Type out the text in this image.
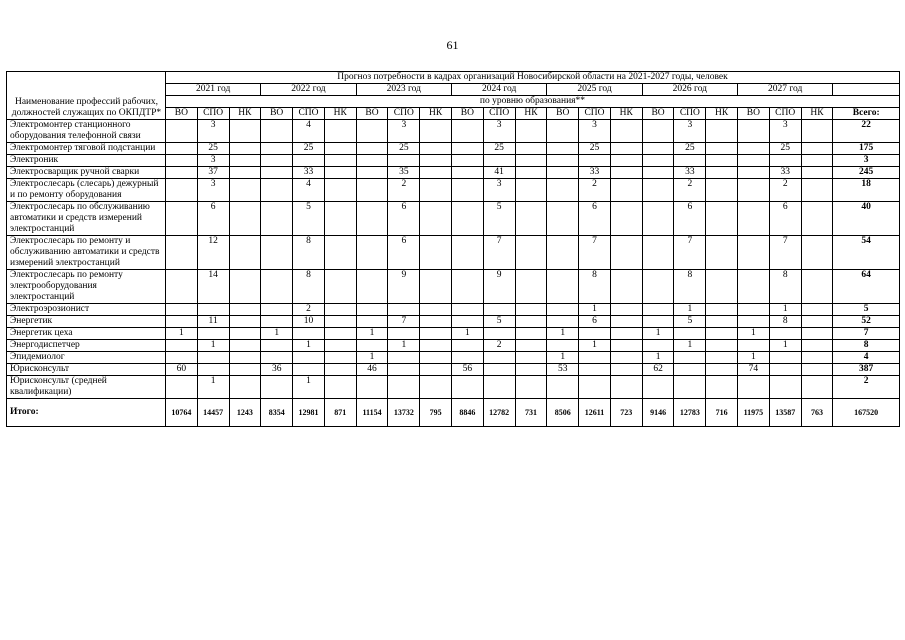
61
Наименование профессий рабочих, должностей служащих по ОКПДТР*	Прогноз потребности в кадрах организаций Новосибирской области на 2021-2027 годы, человек																					
	2021 год			2022 год			2023 год			2024 год			2025 год			2026 год			2027 год			
	по уровню образования**																					
	ВО	СПО	НК	ВО	СПО	НК	ВО	СПО	НК	ВО	СПО	НК	ВО	СПО	НК	ВО	СПО	НК	ВО	СПО	НК	Всего:
Электромонтер станционного оборудования телефонной связи		3			4			3			3			3			3			3		22
Электромонтер тяговой подстанции		25			25			25			25			25			25			25		175
Электроник		3																				3
Электросварщик ручной сварки		37			33			35			41			33			33			33		245
Электрослесарь (слесарь) дежурный и по ремонту оборудования		3			4			2			3			2			2			2		18
Электрослесарь по обслуживанию автоматики и средств измерений электростанций		6			5			6			5			6			6			6		40
Электрослесарь по ремонту и обслуживанию автоматики и средств измерений электростанций		12			8			6			7			7			7			7		54
Электрослесарь по ремонту электрооборудования электростанций		14			8			9			9			8			8			8		64
Электроэрозионист					2									1			1			1		5
Энергетик		11			10			7			5			6			5			8		52
Энергетик цеха	1			1			1			1			1			1			1			7
Энергодиспетчер		1			1			1			2			1			1			1		8
Эпидемиолог							1						1			1			1			4
Юрисконсульт	60			36			46			56			53			62			74			387
Юрисконсульт (средней квалификации)		1			1																	2
Итого:	10764	14457	1243	8354	12981	871	11154	13732	795	8846	12782	731	8506	12611	723	9146	12783	716	11975	13587	763	167520
